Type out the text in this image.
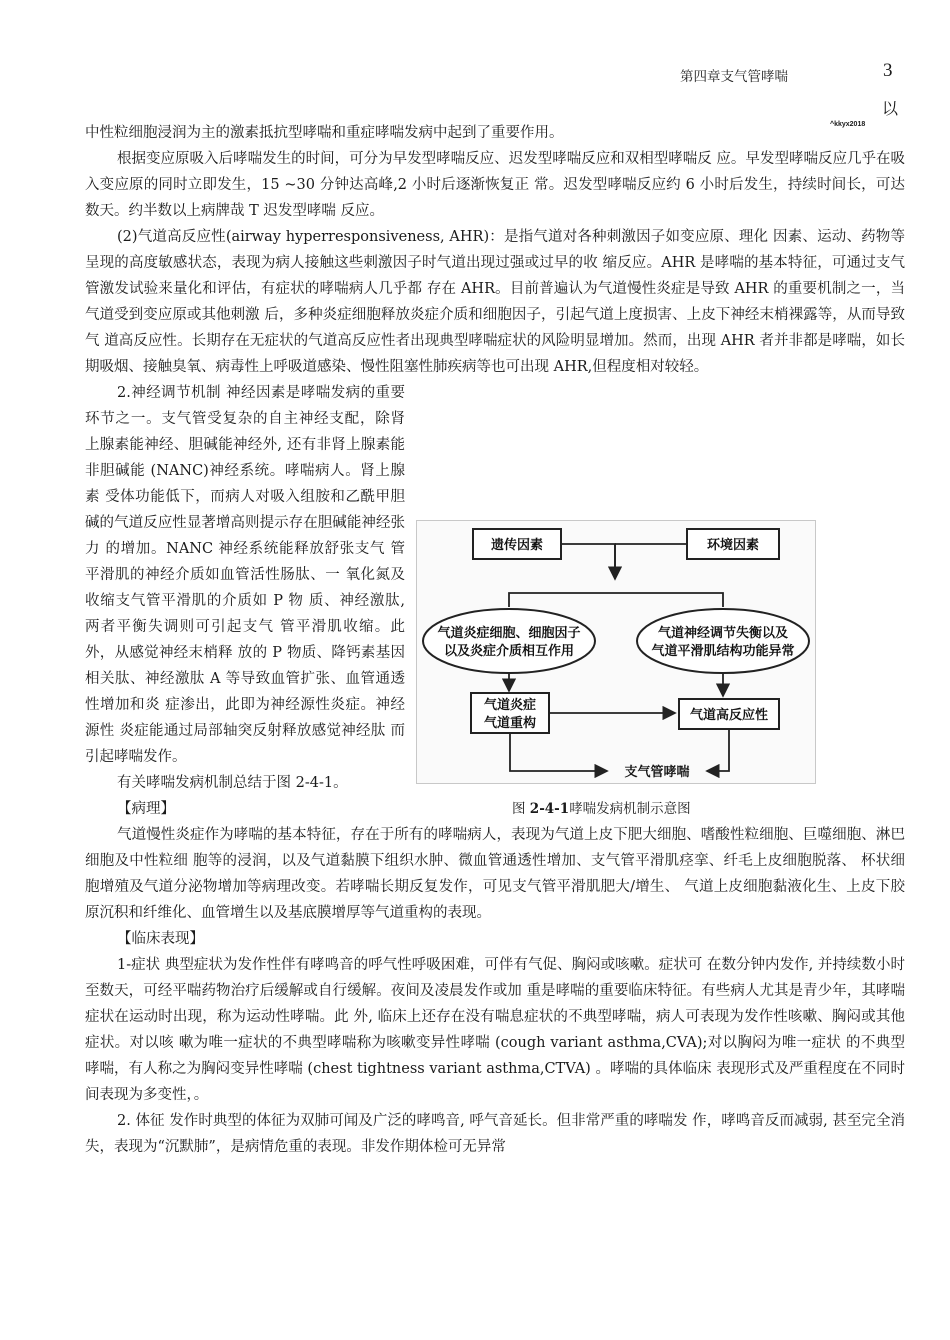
第四章支气管哮喘	3
以
^kkyx2018

中性粒细胞浸润为主的激素抵抗型哮喘和重症哮喘发病中起到了重要作用。

根据变应原吸入后哮喘发生的时间，可分为早发型哮喘反应、迟发型哮喘反应和双相型哮喘反 应。早发型哮喘反应几乎在吸入变应原的同时立即发生，15 ~30 分钟达高峰,2 小时后逐渐恢复正 常。迟发型哮喘反应约 6 小时后发生，持续时间长，可达数天。约半数以上病牌哉 T 迟发型哮喘 反应。

(2)气道高反应性(airway hyperresponsiveness, AHR)：是指气道对各种刺激因子如变应原、理化 因素、运动、药物等呈现的高度敏感状态，表现为病人接触这些刺激因子时气道出现过强或过早的收 缩反应。AHR 是哮喘的基本特征，可通过支气管激发试验来量化和评估，有症状的哮喘病人几乎都 存在 AHR。目前普遍认为气道慢性炎症是导致 AHR 的重要机制之一，当气道受到变应原或其他刺激 后，多种炎症细胞释放炎症介质和细胞因子，引起气道上度损害、上皮下神经末梢裸露等，从而导致气 道高反应性。长期存在无症状的气道高反应性者出现典型哮喘症状的风险明显增加。然而，出现 AHR 者并非都是哮喘，如长期吸烟、接触臭氧、病毒性上呼吸道感染、慢性阻塞性肺疾病等也可出现 AHR,但程度相对较轻。

2.神经调节机制 神经因素是哮喘发病的重要环节之一。支气管受复杂的自主神经支配，除肾 上腺素能神经、胆碱能神经外, 还有非肾上腺素能非胆碱能 (NANC)神经系统。哮喘病人。肾上腺素 受体功能低下，而病人对吸入组胺和乙酰甲胆碱的气道反应性显著增高则提示存在胆碱能神经张力 的增加。NANC 神经系统能释放舒张支气 管平滑肌的神经介质如血管活性肠肽、一 氧化氮及收缩支气管平滑肌的介质如 P 物 质、神经激肽, 两者平衡失调则可引起支气 管平滑肌收缩。此外，从感觉神经末梢释 放的 P 物质、降钙素基因相关肽、神经激肽 A 等导致血管扩张、血管通透性增加和炎 症渗出，此即为神经源性炎症。神经源性 炎症能通过局部轴突反射释放感觉神经肽 而引起哮喘发作。

有关哮喘发病机制总结于图 2-4-1。

【病理】

气道慢性炎症作为哮喘的基本特征，存在于所有的哮喘病人，表现为气道上皮下肥大细胞、嗜酸性粒细胞、巨噬细胞、淋巴细胞及中性粒细 胞等的浸润，以及气道黏膜下组织水肿、微血管通透性增加、支气管平滑肌痉挛、纤毛上皮细胞脱落、 杯状细胞增殖及气道分泌物增加等病理改变。若哮喘长期反复发作，可见支气管平滑肌肥大/增生、 气道上皮细胞黏液化生、上皮下胶原沉积和纤维化、血管增生以及基底膜增厚等气道重构的表现。

【临床表现】

1-症状 典型症状为发作性伴有哮鸣音的呼气性呼吸困难，可伴有气促、胸闷或咳嗽。症状可 在数分钟内发作, 并持续数小时至数天，可经平喘药物治疗后缓解或自行缓解。夜间及凌晨发作或加 重是哮喘的重要临床特征。有些病人尤其是青少年，其哮喘症状在运动时出现，称为运动性哮喘。此 外, 临床上还存在没有喘息症状的不典型哮喘，病人可表现为发作性咳嗽、胸闷或其他症状。对以咳 嗽为唯一症状的不典型哮喘称为咳嗽变异性哮喘 (cough variant asthma,CVA);对以胸闷为唯一症状 的不典型哮喘，有人称之为胸闷变异性哮喘 (chest tightness variant asthma,CTVA) 。哮喘的具体临床 表现形式及严重程度在不同时间表现为多变性，。

2. 体征 发作时典型的体征为双肺可闻及广泛的哮鸣音, 呼气音延长。但非常严重的哮喘发 作，哮鸣音反而减弱, 甚至完全消失，表现为“沉默肺”，是病情危重的表现。非发作期体检可无异常

遗传因素	环境因素
气道炎症细胞、细胞因子
以及炎症介质相互作用
气道神经调节失衡以及
气道平滑肌结构功能异常
气道炎症
气道重构
气道高反应性
支气管哮喘
图 2-4-1哮喘发病机制示意图
